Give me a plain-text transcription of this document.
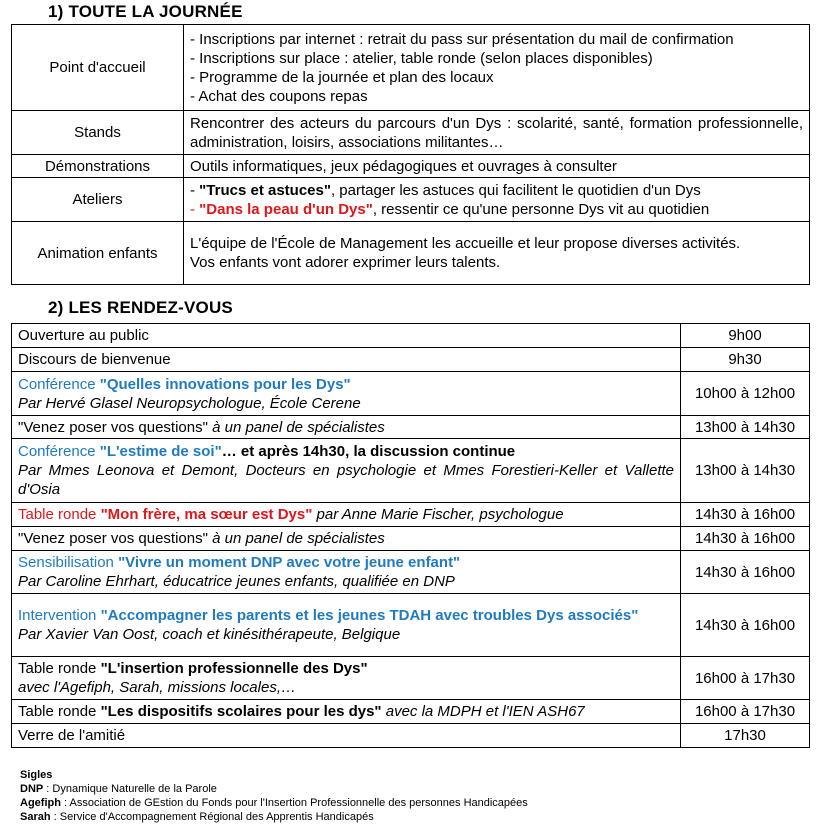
1) TOUTE LA JOURNÉE
Point d'accueil	- Inscriptions par internet : retrait du pass sur présentation du mail de confirmation
- Inscriptions sur place : atelier, table ronde (selon places disponibles)
- Programme de la journée et plan des locaux
- Achat des coupons repas

Stands	Rencontrer des acteurs du parcours d'un Dys : scolarité, santé, formation professionnelle, administration, loisirs, associations militantes…
Démonstrations	Outils informatiques, jeux pédagogiques et ouvrages à consulter
Ateliers	- "Trucs et astuces", partager les astuces qui facilitent le quotidien d'un Dys
- "Dans la peau d'un Dys", ressentir ce qu'une personne Dys vit au quotidien

Animation enfants	L'équipe de l'École de Management les accueille et leur propose diverses activités.
Vos enfants vont adorer exprimer leurs talents.
2) LES RENDEZ-VOUS
Ouverture au public	9h00
Discours de bienvenue	9h30

Conférence "Quelles innovations pour les Dys"
Par Hervé Glasel Neuropsychologue, École Cerene	10h00 à 12h00
"Venez poser vos questions" à un panel de spécialistes	13h00 à 14h30

Conférence "L'estime de soi"… et après 14h30, la discussion continue
Par Mmes Leonova et Demont, Docteurs en psychologie et Mmes Forestieri-Keller et Vallette d'Osia	13h00 à 14h30
Table ronde "Mon frère, ma sœur est Dys" par Anne Marie Fischer, psychologue	14h30 à 16h00
"Venez poser vos questions" à un panel de spécialistes	14h30 à 16h00

Sensibilisation "Vivre un moment DNP avec votre jeune enfant"
Par Caroline Ehrhart, éducatrice jeunes enfants, qualifiée en DNP	14h30 à 16h00

Intervention "Accompagner les parents et les jeunes TDAH avec troubles Dys associés"
Par Xavier Van Oost, coach et kinésithérapeute, Belgique	14h30 à 16h00

Table ronde "L'insertion professionnelle des Dys"
avec l'Agefiph, Sarah, missions locales,…	16h00 à 17h30
Table ronde "Les dispositifs scolaires pour les dys" avec la MDPH et l'IEN ASH67	16h00 à 17h30
Verre de l'amitié	17h30
Sigles
DNP : Dynamique Naturelle de la Parole
Agefiph : Association de GEstion du Fonds pour l'Insertion Professionnelle des personnes Handicapées
Sarah : Service d'Accompagnement Régional des Apprentis Handicapés
